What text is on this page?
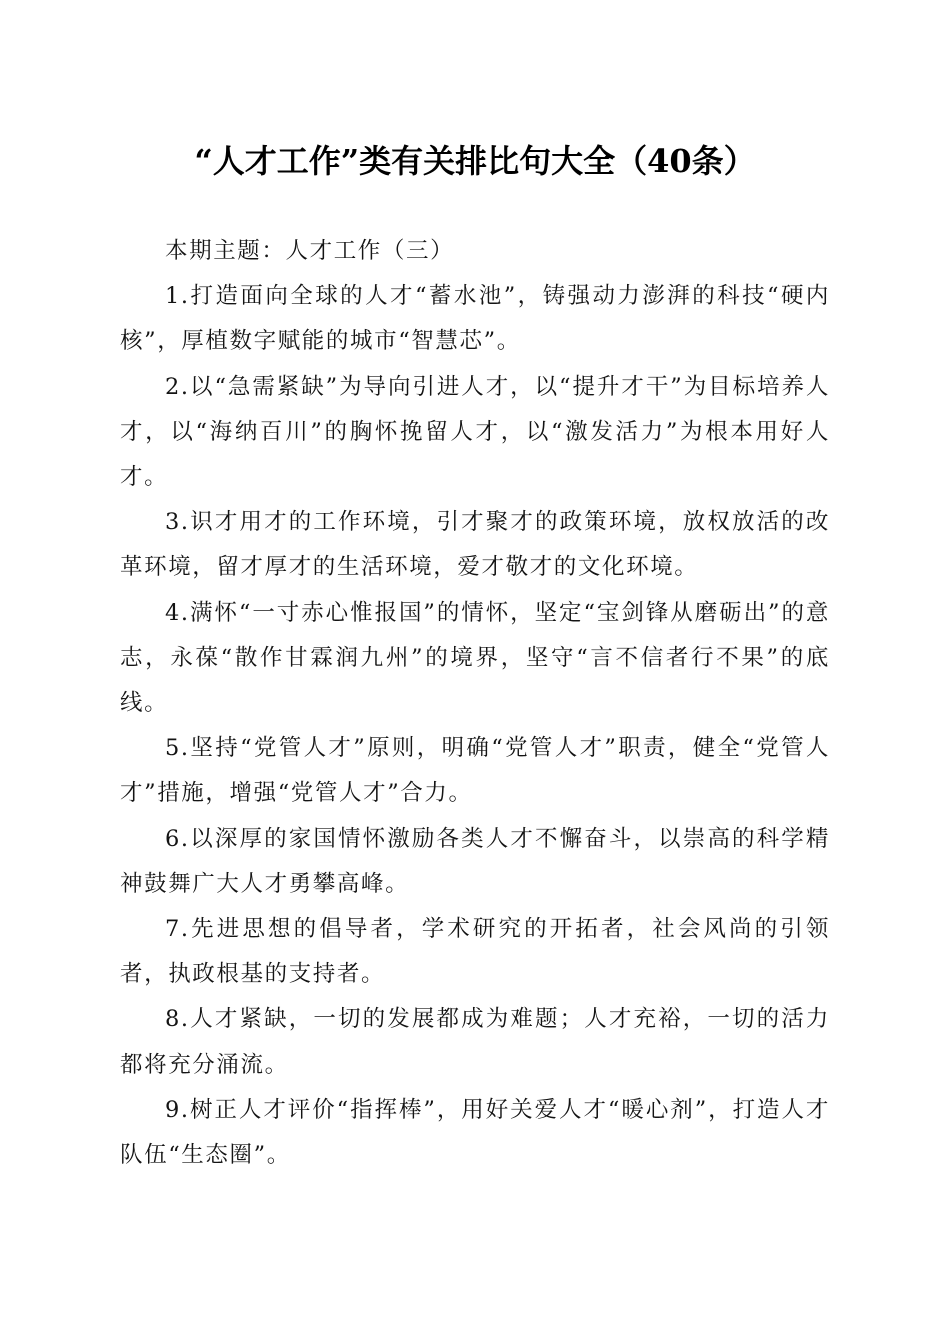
“人才工作”类有关排比句大全（40条）

本期主题：人才工作（三）

1.打造面向全球的人才“蓄水池”，铸强动力澎湃的科技“硬内核”，厚植数字赋能的城市“智慧芯”。

2.以“急需紧缺”为导向引进人才，以“提升才干”为目标培养人才，以“海纳百川”的胸怀挽留人才，以“激发活力”为根本用好人才。

3.识才用才的工作环境，引才聚才的政策环境，放权放活的改革环境，留才厚才的生活环境，爱才敬才的文化环境。

4.满怀“一寸赤心惟报国”的情怀，坚定“宝剑锋从磨砺出”的意志，永葆“散作甘霖润九州”的境界，坚守“言不信者行不果”的底线。

5.坚持“党管人才”原则，明确“党管人才”职责，健全“党管人才”措施，增强“党管人才”合力。

6.以深厚的家国情怀激励各类人才不懈奋斗，以崇高的科学精神鼓舞广大人才勇攀高峰。

7.先进思想的倡导者，学术研究的开拓者，社会风尚的引领者，执政根基的支持者。

8.人才紧缺，一切的发展都成为难题；人才充裕，一切的活力都将充分涌流。

9.树正人才评价“指挥棒”，用好关爱人才“暖心剂”，打造人才队伍“生态圈”。
